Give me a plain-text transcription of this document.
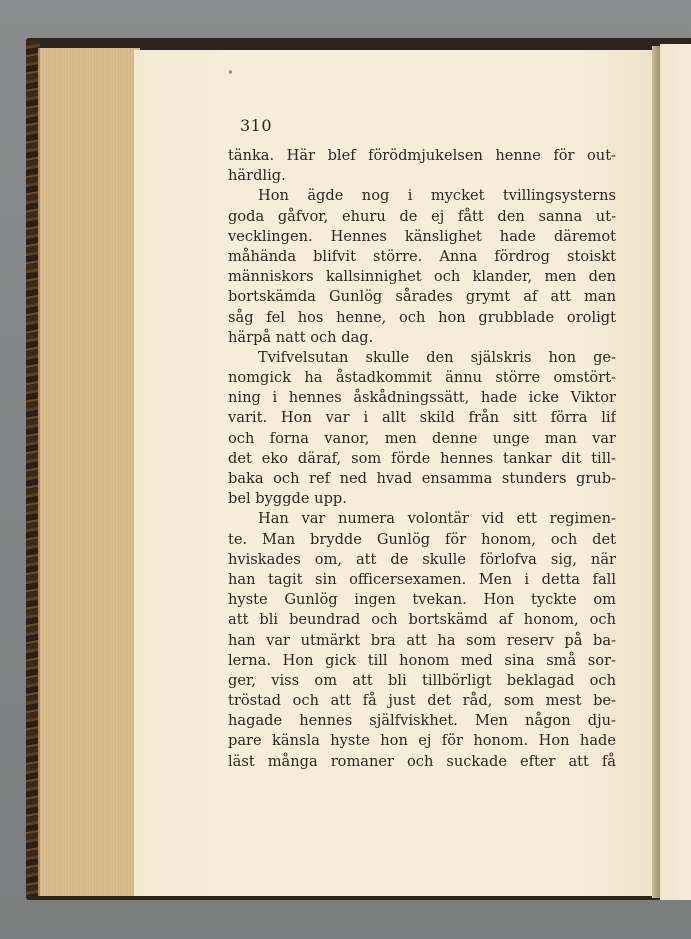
310
tänka. Här blef förödmjukelsen henne för out-
härdlig.
Hon ägde nog i mycket tvillingsysterns
goda gåfvor, ehuru de ej fått den sanna ut-
vecklingen. Hennes känslighet hade däremot
måhända blifvit större. Anna fördrog stoiskt
människors kallsinnighet och klander, men den
bortskämda Gunlög sårades grymt af att man
såg fel hos henne, och hon grubblade oroligt
härpå natt och dag.
Tvifvelsutan skulle den själskris hon ge-
nomgick ha åstadkommit ännu större omstört-
ning i hennes åskådningssätt, hade icke Viktor
varit. Hon var i allt skild från sitt förra lif
och forna vanor, men denne unge man var
det eko däraf, som förde hennes tankar dit till-
baka och ref ned hvad ensamma stunders grub-
bel byggde upp.
Han var numera volontär vid ett regimen-
te. Man brydde Gunlög för honom, och det
hviskades om, att de skulle förlofva sig, när
han tagit sin officersexamen. Men i detta fall
hyste Gunlög ingen tvekan. Hon tyckte om
att bli beundrad och bortskämd af honom, och
han var utmärkt bra att ha som reserv på ba-
lerna. Hon gick till honom med sina små sor-
ger, viss om att bli tillbörligt beklagad och
tröstad och att få just det råd, som mest be-
hagade hennes själfviskhet. Men någon dju-
pare känsla hyste hon ej för honom. Hon hade
läst många romaner och suckade efter att få
